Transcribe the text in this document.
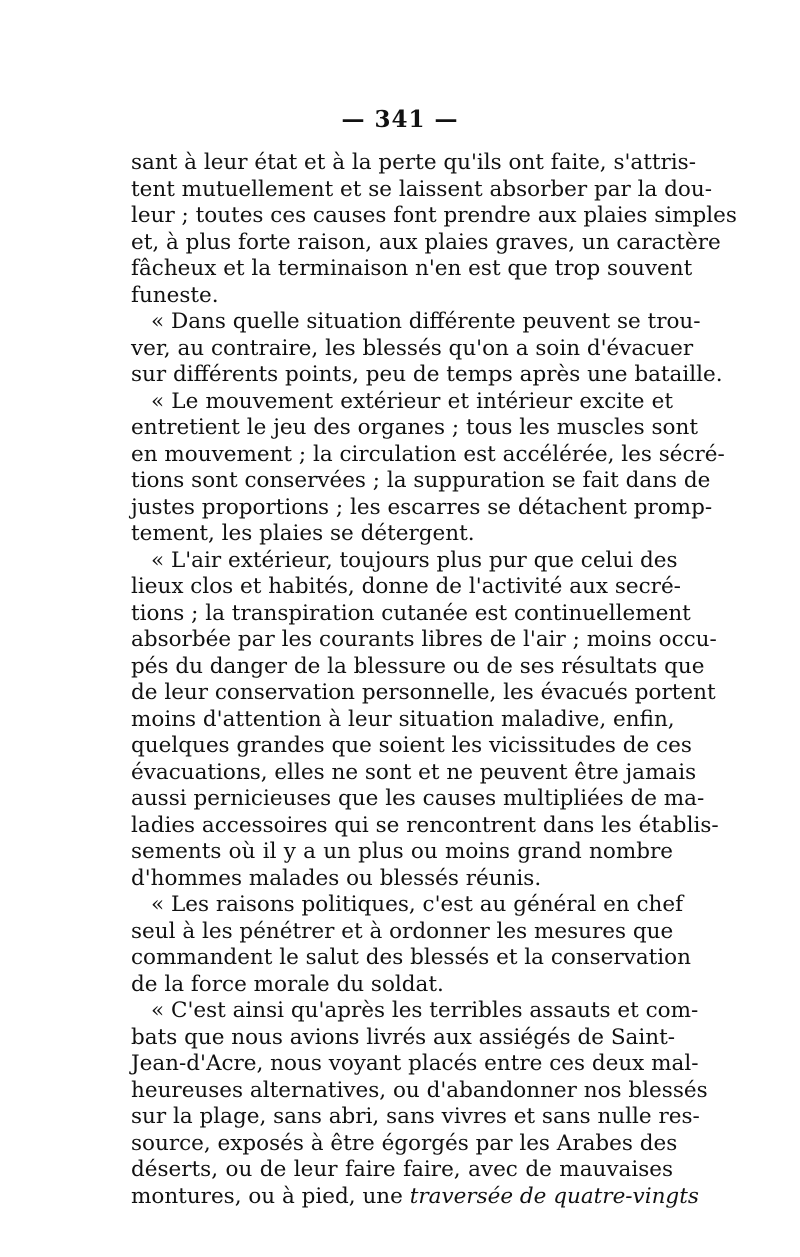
— 341 —
sant à leur état et à la perte qu'ils ont faite, s'attris-
tent mutuellement et se laissent absorber par la dou-
leur ; toutes ces causes font prendre aux plaies simples
et, à plus forte raison, aux plaies graves, un caractère
fâcheux et la terminaison n'en est que trop souvent
funeste.
« Dans quelle situation différente peuvent se trou-
ver, au contraire, les blessés qu'on a soin d'évacuer
sur différents points, peu de temps après une bataille.
« Le mouvement extérieur et intérieur excite et
entretient le jeu des organes ; tous les muscles sont
en mouvement ; la circulation est accélérée, les sécré-
tions sont conservées ; la suppuration se fait dans de
justes proportions ; les escarres se détachent promp-
tement, les plaies se détergent.
« L'air extérieur, toujours plus pur que celui des
lieux clos et habités, donne de l'activité aux secré-
tions ; la transpiration cutanée est continuellement
absorbée par les courants libres de l'air ; moins occu-
pés du danger de la blessure ou de ses résultats que
de leur conservation personnelle, les évacués portent
moins d'attention à leur situation maladive, enfin,
quelques grandes que soient les vicissitudes de ces
évacuations, elles ne sont et ne peuvent être jamais
aussi pernicieuses que les causes multipliées de ma-
ladies accessoires qui se rencontrent dans les établis-
sements où il y a un plus ou moins grand nombre
d'hommes malades ou blessés réunis.
« Les raisons politiques, c'est au général en chef
seul à les pénétrer et à ordonner les mesures que
commandent le salut des blessés et la conservation
de la force morale du soldat.
« C'est ainsi qu'après les terribles assauts et com-
bats que nous avions livrés aux assiégés de Saint-
Jean-d'Acre, nous voyant placés entre ces deux mal-
heureuses alternatives, ou d'abandonner nos blessés
sur la plage, sans abri, sans vivres et sans nulle res-
source, exposés à être égorgés par les Arabes des
déserts, ou de leur faire faire, avec de mauvaises
montures, ou à pied, une traversée de quatre-vingts
